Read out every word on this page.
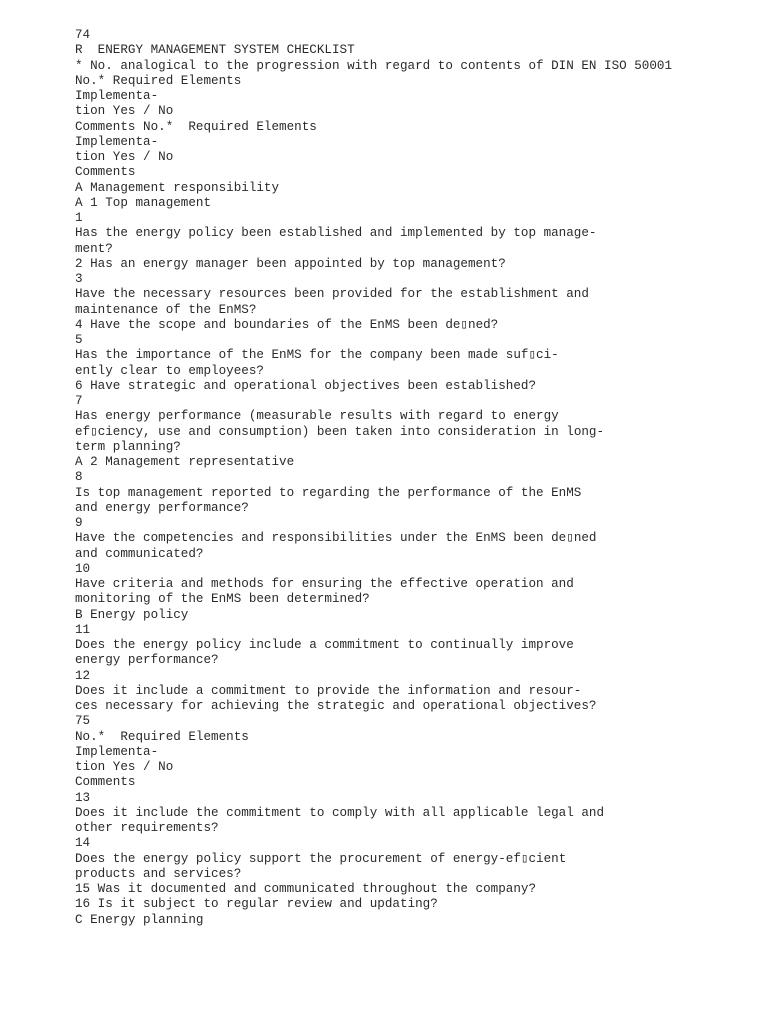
74
R  ENERGY MANAGEMENT SYSTEM CHECKLIST
* No. analogical to the progression with regard to contents of DIN EN ISO 50001
No.* Required Elements
Implementa-
tion Yes / No
Comments No.*  Required Elements
Implementa-
tion Yes / No
Comments
A Management responsibility
A 1 Top management
1
Has the energy policy been established and implemented by top manage-
ment?
2 Has an energy manager been appointed by top management?
3
Have the necessary resources been provided for the establishment and
maintenance of the EnMS?
4 Have the scope and boundaries of the EnMS been de▯ned?
5
Has the importance of the EnMS for the company been made suf▯ci-
ently clear to employees?
6 Have strategic and operational objectives been established?
7
Has energy performance (measurable results with regard to energy
ef▯ciency, use and consumption) been taken into consideration in long-
term planning?
A 2 Management representative
8
Is top management reported to regarding the performance of the EnMS
and energy performance?
9
Have the competencies and responsibilities under the EnMS been de▯ned
and communicated?
10
Have criteria and methods for ensuring the effective operation and
monitoring of the EnMS been determined?
B Energy policy
11
Does the energy policy include a commitment to continually improve
energy performance?
12
Does it include a commitment to provide the information and resour-
ces necessary for achieving the strategic and operational objectives?
75
No.*  Required Elements
Implementa-
tion Yes / No
Comments
13
Does it include the commitment to comply with all applicable legal and
other requirements?
14
Does the energy policy support the procurement of energy-ef▯cient
products and services?
15 Was it documented and communicated throughout the company?
16 Is it subject to regular review and updating?
C Energy planning
